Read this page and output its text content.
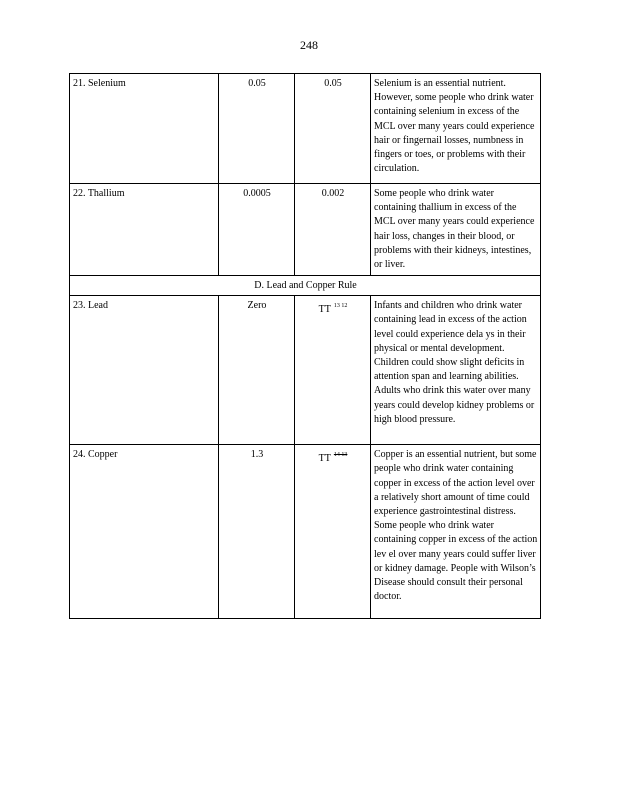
248
21. Selenium	0.05	0.05	Selenium is an essential nutrient. However, some people who drink water containing selenium in excess of the MCL over many years could experience hair or fingernail losses, numbness in fingers or toes, or problems with their circulation.
22. Thallium	0.0005	0.002	Some people who drink water containing thallium in excess of the MCL over many years could experience hair loss, changes in their blood, or problems with their kidneys, intestines, or liver.
D. Lead and Copper Rule			
23. Lead	Zero	TT $^{13 12}$	Infants and children who drink water containing lead in excess of the action level could experience dela ys in their physical or mental development. Children could show slight deficits in attention span and learning abilities. Adults who drink this water over many years could develop kidney problems or high blood pressure.
24. Copper	1.3	TT $^{14 13}$	Copper is an essential nutrient, but some people who drink water containing copper in excess of the action level over a relatively short amount of time could experience gastrointestinal distress. Some people who drink water containing copper in excess of the action lev el over many years could suffer liver or kidney damage. People with Wilson’s Disease should consult their personal doctor.
